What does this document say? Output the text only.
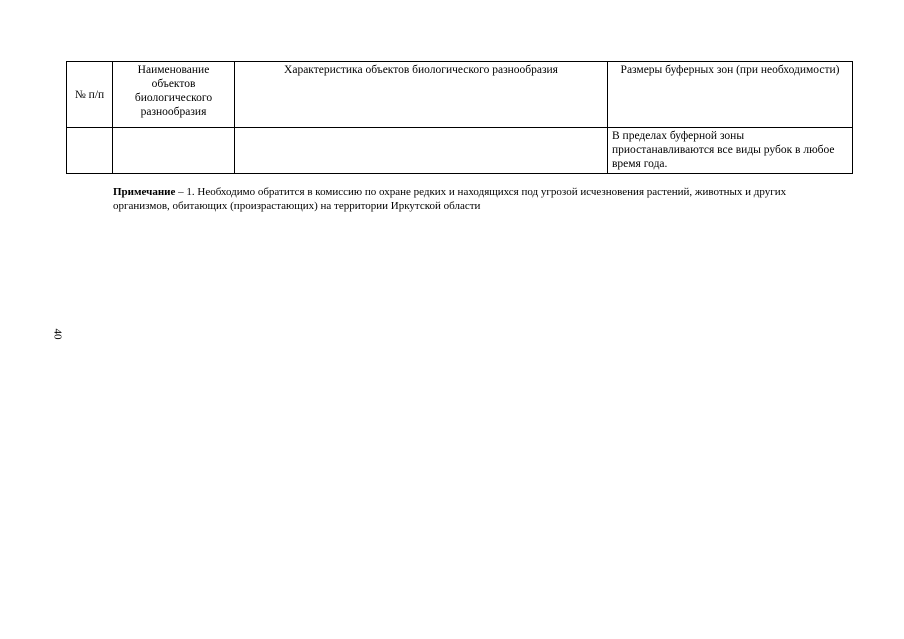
№ п/п	Наименование объектов биологического разнообразия	Характеристика объектов биологического разнообразия	Размеры буферных зон (при необходимости)
			В пределах буферной зоны приостанавливаются все виды рубок в любое время года.
Примечание – 1. Необходимо обратится в комиссию по охране редких и находящихся под угрозой исчезновения растений, животных и других организмов, обитающих (произрастающих) на территории Иркутской области
40
